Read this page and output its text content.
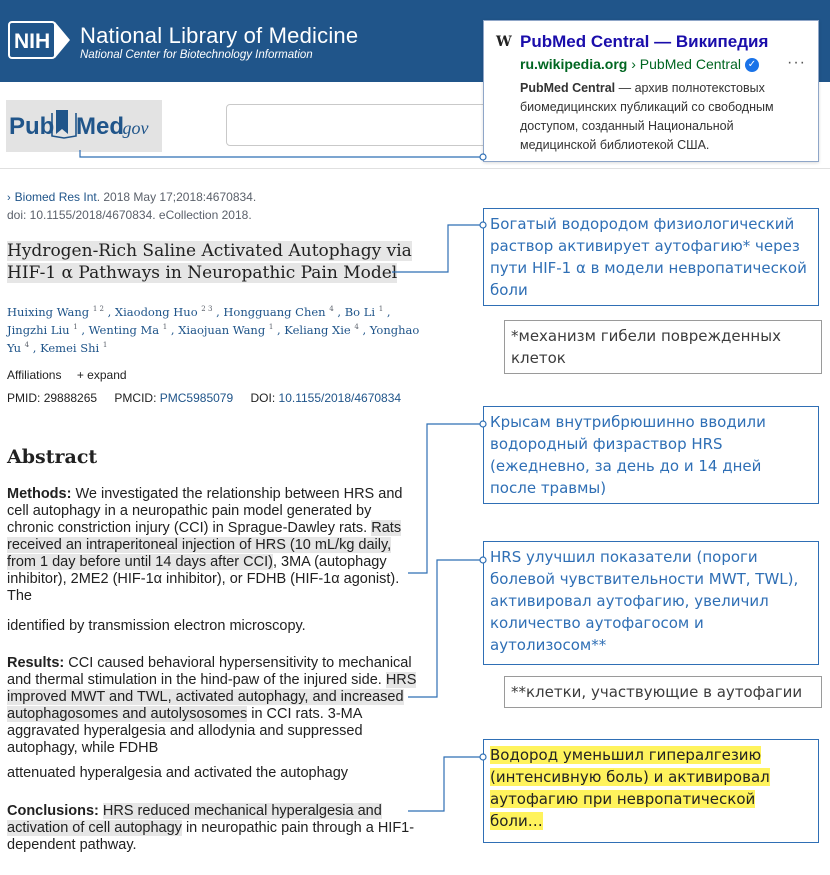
NIH National Library of Medicine
National Center for Biotechnology Information
Pub Med
.gov
› Biomed Res Int. 2018 May 17;2018:4670834.
doi: 10.1155/2018/4670834. eCollection 2018.
Hydrogen-Rich Saline Activated Autophagy via
HIF-1 α Pathways in Neuropathic Pain Model
Huixing Wang $^{1 2}$ , Xiaodong Huo $^{2 3}$ , Hongguang Chen $^4$ , Bo Li $^1$ , Jingzhi Liu $^1$ , Wenting Ma $^1$ , Xiaojuan Wang $^1$ , Keliang Xie $^4$ , Yonghao Yu $^4$ , Kemei Shi $^1$
Affiliations + expand
PMID: 29888265 PMCID: PMC5985079 DOI: 10.1155/2018/4670834
Abstract
Methods: We investigated the relationship between HRS and cell autophagy in a neuropathic pain model generated by chronic constriction injury (CCI) in Sprague-Dawley rats. Rats received an intraperitoneal injection of HRS (10 mL/kg daily, from 1 day before until 14 days after CCI), 3MA (autophagy inhibitor), 2ME2 (HIF-1α inhibitor), or FDHB (HIF-1α agonist). The
identified by transmission electron microscopy.
Results: CCI caused behavioral hypersensitivity to mechanical and thermal stimulation in the hind-paw of the injured side. HRS improved MWT and TWL, activated autophagy, and increased autophagosomes and autolysosomes in CCI rats. 3-MA aggravated hyperalgesia and allodynia and suppressed autophagy, while FDHB
attenuated hyperalgesia and activated the autophagy
Conclusions: HRS reduced mechanical hyperalgesia and activation of cell autophagy in neuropathic pain through a HIF1-dependent pathway.
W PubMed Central — Википедия
ru.wikipedia.org › PubMed Central ✓ ···
PubMed Central — архив полнотекстовых биомедицинских публикаций со свободным доступом, созданный Национальной медицинской библиотекой США.
Богатый водородом физиологический раствор активирует аутофагию* через пути HIF-1 α в модели невропатической боли
*механизм гибели поврежденных клеток
Крысам внутрибрюшинно вводили водородный физраствор HRS (ежедневно, за день до и 14 дней после травмы)
HRS улучшил показатели (пороги болевой чувствительности MWT, TWL), активировал аутофагию, увеличил количество аутофагосом и аутолизосом**
**клетки, участвующие в аутофагии
Водород уменьшил гипералгезию (интенсивную боль) и активировал аутофагию при невропатической боли…
